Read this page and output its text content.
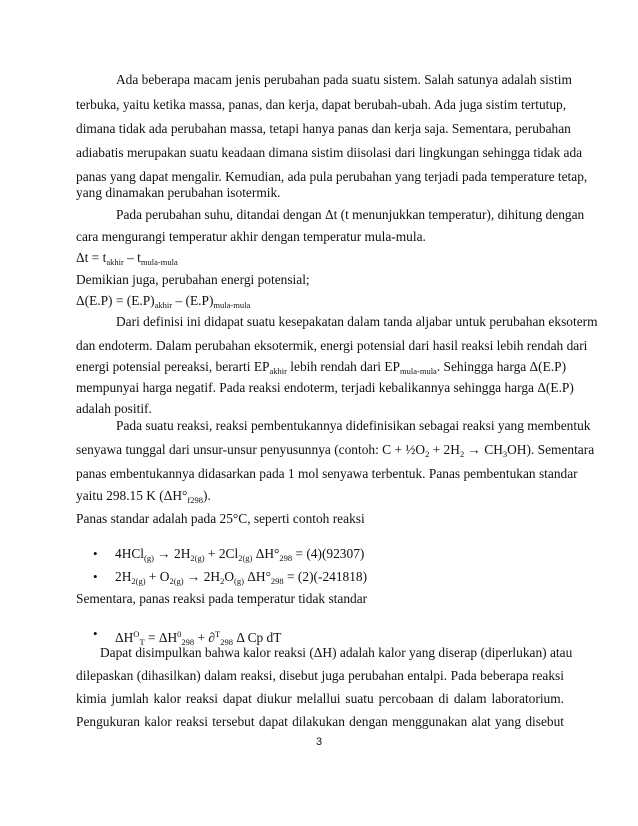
Ada beberapa macam jenis perubahan pada suatu sistem. Salah satunya adalah sistim
terbuka, yaitu ketika massa, panas, dan kerja, dapat berubah-ubah. Ada juga sistim tertutup,
dimana tidak ada perubahan massa, tetapi hanya panas dan kerja saja. Sementara, perubahan
adiabatis merupakan suatu keadaan dimana sistim diisolasi dari lingkungan sehingga tidak ada
panas yang dapat mengalir. Kemudian, ada pula perubahan yang terjadi pada temperature tetap,
yang dinamakan perubahan isotermik.
Pada perubahan suhu, ditandai dengan Δt (t menunjukkan temperatur), dihitung dengan
cara mengurangi temperatur akhir dengan temperatur mula-mula.
$\Delta t = t_{akhir} - t_{mula-mula}$
Demikian juga, perubahan energi potensial;
$\Delta(E.P) = (E.P)_{akhir} - (E.P)_{mula-mula}$
Dari definisi ini didapat suatu kesepakatan dalam tanda aljabar untuk perubahan eksoterm
dan endoterm. Dalam perubahan eksotermik, energi potensial dari hasil reaksi lebih rendah dari
energi potensial pereaksi, berarti $EP_{akhir}$ lebih rendah dari $EP_{mula-mula}$. Sehingga harga Δ(E.P)
mempunyai harga negatif. Pada reaksi endoterm, terjadi kebalikannya sehingga harga Δ(E.P)
adalah positif.
Pada suatu reaksi, reaksi pembentukannya didefinisikan sebagai reaksi yang membentuk
senyawa tunggal dari unsur-unsur penyusunnya (contoh: $C + \frac{1}{2}O_2 + 2H_2 \to CH_3OH$). Sementara
panas embentukannya didasarkan pada 1 mol senyawa terbentuk. Panas pembentukan standar
yaitu 298.15 K $(\Delta H^\circ_{f298})$.
Panas standar adalah pada 25°C, seperti contoh reaksi
• $4HCl_{(g)} \to 2H_{2(g)} + 2Cl_{2(g)}$ $\Delta H^\circ_{298} = (4)(92307)$
• $2H_{2(g)} + O_{2(g)} \to 2H_2O_{(g)}$ $\Delta H^\circ_{298} = (2)(-241818)$
Sementara, panas reaksi pada temperatur tidak standar
• $\Delta H^O_T = \Delta H^0_{298} + \partial^T_{298}$ Δ Cp dT
Dapat disimpulkan bahwa kalor reaksi (ΔH) adalah kalor yang diserap (diperlukan) atau
dilepaskan (dihasilkan) dalam reaksi, disebut juga perubahan entalpi. Pada beberapa reaksi
kimia jumlah kalor reaksi dapat diukur melallui suatu percobaan di dalam laboratorium.
Pengukuran kalor reaksi tersebut dapat dilakukan dengan menggunakan alat yang disebut
3
